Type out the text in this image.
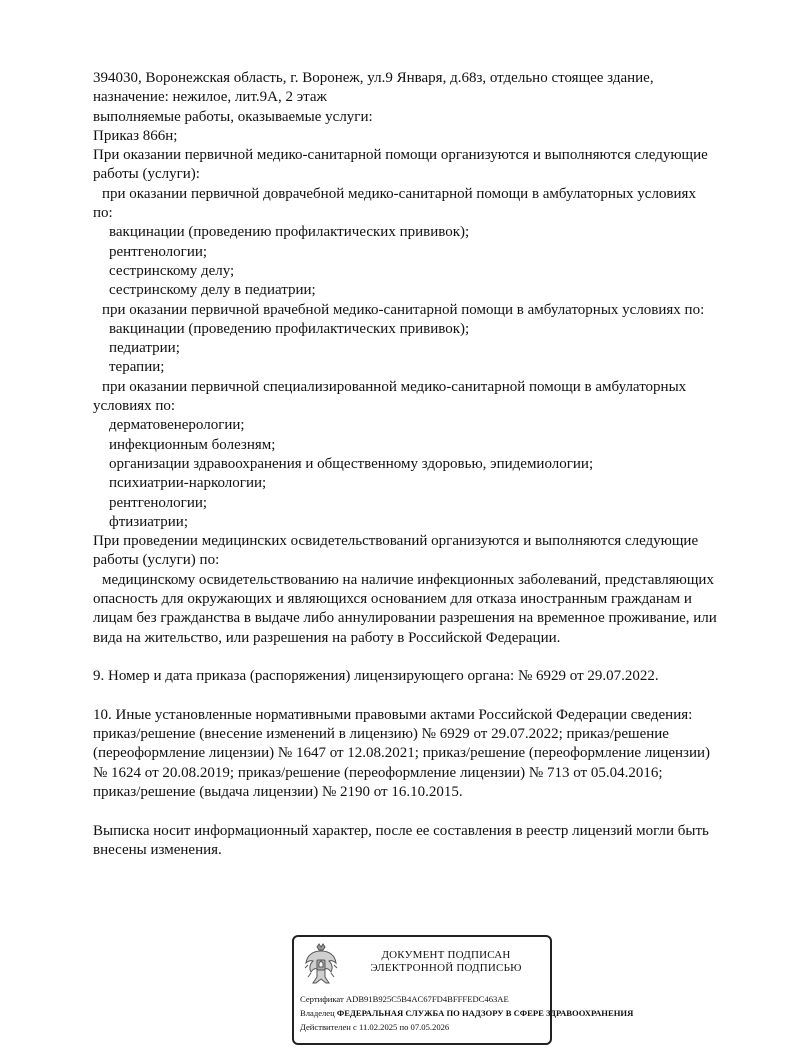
394030, Воронежская область, г. Воронеж, ул.9 Января, д.68з, отдельно стоящее здание,

назначение: нежилое, лит.9А, 2 этаж

выполняемые работы, оказываемые услуги:

Приказ 866н;

При оказании первичной медико-санитарной помощи организуются и выполняются следующие

работы (услуги):

при оказании первичной доврачебной медико-санитарной помощи в амбулаторных условиях

по:

вакцинации (проведению профилактических прививок);

рентгенологии;

сестринскому делу;

сестринскому делу в педиатрии;

при оказании первичной врачебной медико-санитарной помощи в амбулаторных условиях по:

вакцинации (проведению профилактических прививок);

педиатрии;

терапии;

при оказании первичной специализированной медико-санитарной помощи в амбулаторных

условиях по:

дерматовенерологии;

инфекционным болезням;

организации здравоохранения и общественному здоровью, эпидемиологии;

психиатрии-наркологии;

рентгенологии;

фтизиатрии;

При проведении медицинских освидетельствований организуются и выполняются следующие

работы (услуги) по:

медицинскому освидетельствованию на наличие инфекционных заболеваний, представляющих

опасность для окружающих и являющихся основанием для отказа иностранным гражданам и

лицам без гражданства в выдаче либо аннулировании разрешения на временное проживание, или

вида на жительство, или разрешения на работу в Российской Федерации.

9. Номер и дата приказа (распоряжения) лицензирующего органа: № 6929 от 29.07.2022.

10. Иные установленные нормативными правовыми актами Российской Федерации сведения:

приказ/решение (внесение изменений в лицензию) № 6929 от 29.07.2022; приказ/решение

(переоформление лицензии) № 1647 от 12.08.2021; приказ/решение (переоформление лицензии)

№ 1624 от 20.08.2019; приказ/решение (переоформление лицензии) № 713 от 05.04.2016;

приказ/решение (выдача лицензии) № 2190 от 16.10.2015.

Выписка носит информационный характер, после ее составления в реестр лицензий могли быть

внесены изменения.

ДОКУМЕНТ ПОДПИСАН
ЭЛЕКТРОННОЙ ПОДПИСЬЮ
Сертификат ADB91B925C5B4AC67FD4BFFFEDC463AE
Владелец ФЕДЕРАЛЬНАЯ СЛУЖБА ПО НАДЗОРУ В СФЕРЕ ЗДРАВООХРАНЕНИЯ
Действителен с 11.02.2025 по 07.05.2026
